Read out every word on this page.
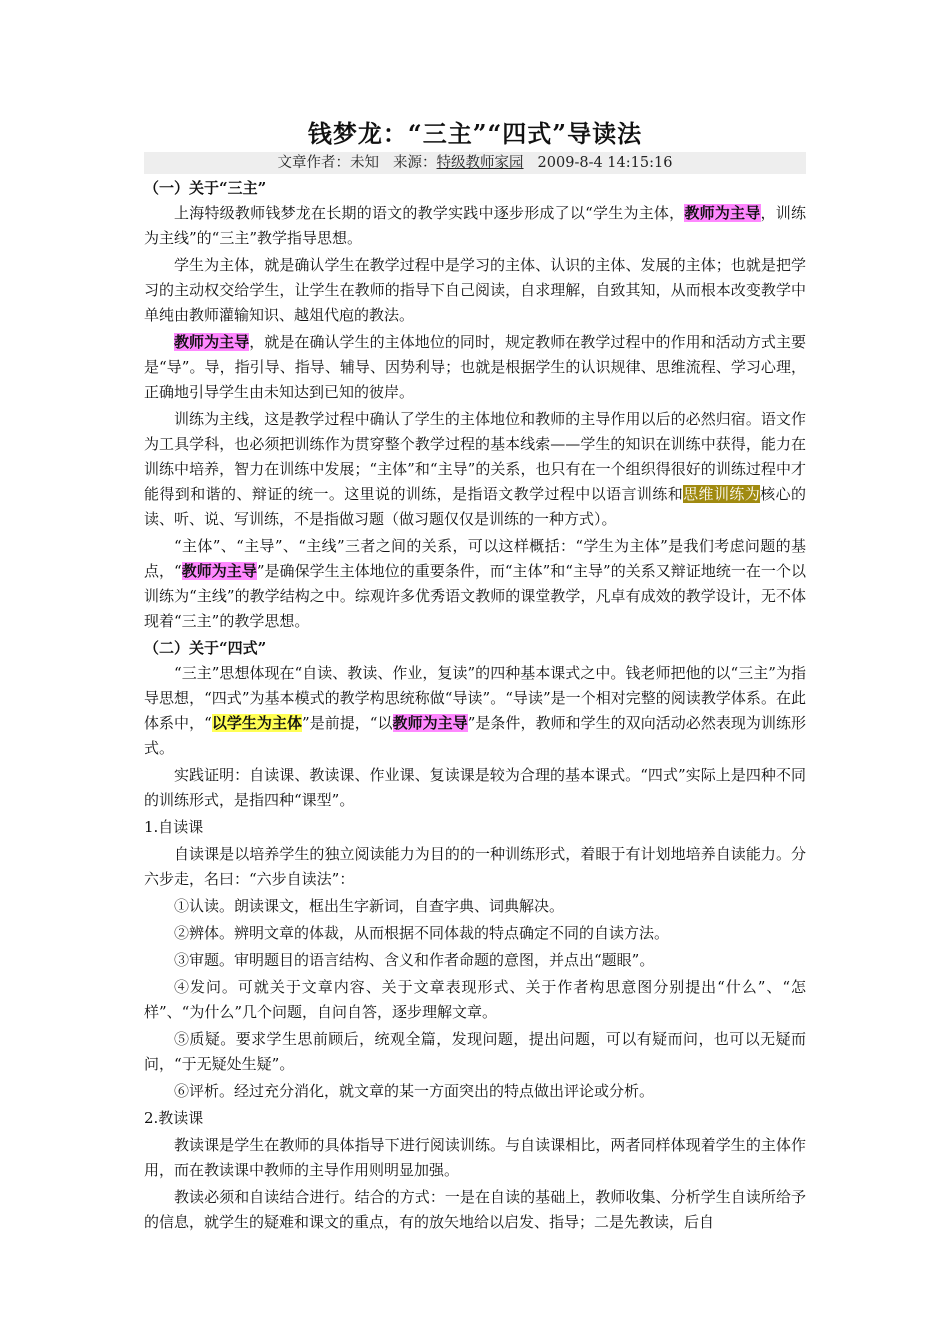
钱梦龙：“三主”“四式”导读法
文章作者：未知 来源：特级教师家园 2009-8-4 14:15:16
（一）关于“三主”

上海特级教师钱梦龙在长期的语文的教学实践中逐步形成了以“学生为主体，教师为主导，训练为主线”的“三主”教学指导思想。

学生为主体，就是确认学生在教学过程中是学习的主体、认识的主体、发展的主体；也就是把学习的主动权交给学生，让学生在教师的指导下自己阅读，自求理解，自致其知，从而根本改变教学中单纯由教师灌输知识、越俎代庖的教法。

教师为主导，就是在确认学生的主体地位的同时，规定教师在教学过程中的作用和活动方式主要是“导”。导，指引导、指导、辅导、因势利导；也就是根据学生的认识规律、思维流程、学习心理，正确地引导学生由未知达到已知的彼岸。

训练为主线，这是教学过程中确认了学生的主体地位和教师的主导作用以后的必然归宿。语文作为工具学科，也必须把训练作为贯穿整个教学过程的基本线索——学生的知识在训练中获得，能力在训练中培养，智力在训练中发展；“主体”和“主导”的关系，也只有在一个组织得很好的训练过程中才能得到和谐的、辩证的统一。这里说的训练，是指语文教学过程中以语言训练和思维训练为核心的读、听、说、写训练，不是指做习题（做习题仅仅是训练的一种方式）。

“主体”、“主导”、“主线”三者之间的关系，可以这样概括：“学生为主体”是我们考虑问题的基点，“教师为主导”是确保学生主体地位的重要条件，而“主体”和“主导”的关系又辩证地统一在一个以训练为“主线”的教学结构之中。综观许多优秀语文教师的课堂教学，凡卓有成效的教学设计，无不体现着“三主”的教学思想。

（二）关于“四式”

“三主”思想体现在“自读、教读、作业，复读”的四种基本课式之中。钱老师把他的以“三主”为指导思想，“四式”为基本模式的教学构思统称做“导读”。“导读”是一个相对完整的阅读教学体系。在此体系中，“以学生为主体”是前提，“以教师为主导”是条件，教师和学生的双向活动必然表现为训练形式。

实践证明：自读课、教读课、作业课、复读课是较为合理的基本课式。“四式”实际上是四种不同的训练形式，是指四种“课型”。

1.自读课

自读课是以培养学生的独立阅读能力为目的的一种训练形式，着眼于有计划地培养自读能力。分六步走，名曰：“六步自读法”：

①认读。朗读课文，框出生字新词，自查字典、词典解决。

②辨体。辨明文章的体裁，从而根据不同体裁的特点确定不同的自读方法。

③审题。审明题目的语言结构、含义和作者命题的意图，并点出“题眼”。

④发问。可就关于文章内容、关于文章表现形式、关于作者构思意图分别提出“什么”、“怎样”、“为什么”几个问题，自问自答，逐步理解文章。

⑤质疑。要求学生思前顾后，统观全篇，发现问题，提出问题，可以有疑而问，也可以无疑而问，“于无疑处生疑”。

⑥评析。经过充分消化，就文章的某一方面突出的特点做出评论或分析。

2.教读课

教读课是学生在教师的具体指导下进行阅读训练。与自读课相比，两者同样体现着学生的主体作用，而在教读课中教师的主导作用则明显加强。

教读必须和自读结合进行。结合的方式：一是在自读的基础上，教师收集、分析学生自读所给予的信息，就学生的疑难和课文的重点，有的放矢地给以启发、指导；二是先教读，后自
